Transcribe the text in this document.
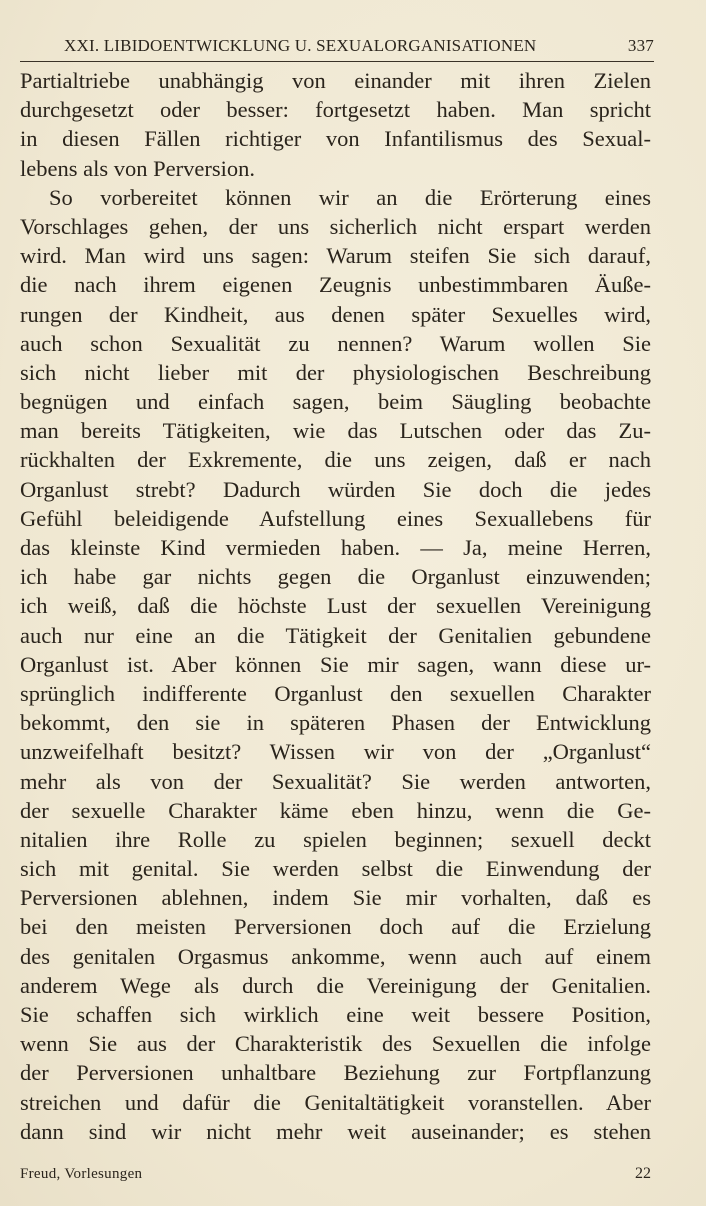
XXI. LIBIDOENTWICKLUNG U. SEXUALORGANISATIONEN	337
Partialtriebe unabhängig von einander mit ihren Zielen
durchgesetzt oder besser: fortgesetzt haben. Man spricht
in diesen Fällen richtiger von Infantilismus des Sexual-
lebens als von Perversion.
So vorbereitet können wir an die Erörterung eines
Vorschlages gehen, der uns sicherlich nicht erspart werden
wird. Man wird uns sagen: Warum steifen Sie sich darauf,
die nach ihrem eigenen Zeugnis unbestimmbaren Äuße-
rungen der Kindheit, aus denen später Sexuelles wird,
auch schon Sexualität zu nennen? Warum wollen Sie
sich nicht lieber mit der physiologischen Beschreibung
begnügen und einfach sagen, beim Säugling beobachte
man bereits Tätigkeiten, wie das Lutschen oder das Zu-
rückhalten der Exkremente, die uns zeigen, daß er nach
Organlust strebt? Dadurch würden Sie doch die jedes
Gefühl beleidigende Aufstellung eines Sexuallebens für
das kleinste Kind vermieden haben. — Ja, meine Herren,
ich habe gar nichts gegen die Organlust einzuwenden;
ich weiß, daß die höchste Lust der sexuellen Vereinigung
auch nur eine an die Tätigkeit der Genitalien gebundene
Organlust ist. Aber können Sie mir sagen, wann diese ur-
sprünglich indifferente Organlust den sexuellen Charakter
bekommt, den sie in späteren Phasen der Entwicklung
unzweifelhaft besitzt? Wissen wir von der „Organlust“
mehr als von der Sexualität? Sie werden antworten,
der sexuelle Charakter käme eben hinzu, wenn die Ge-
nitalien ihre Rolle zu spielen beginnen; sexuell deckt
sich mit genital. Sie werden selbst die Einwendung der
Perversionen ablehnen, indem Sie mir vorhalten, daß es
bei den meisten Perversionen doch auf die Erzielung
des genitalen Orgasmus ankomme, wenn auch auf einem
anderem Wege als durch die Vereinigung der Genitalien.
Sie schaffen sich wirklich eine weit bessere Position,
wenn Sie aus der Charakteristik des Sexuellen die infolge
der Perversionen unhaltbare Beziehung zur Fortpflanzung
streichen und dafür die Genitaltätigkeit voranstellen. Aber
dann sind wir nicht mehr weit auseinander; es stehen
Freud, Vorlesungen	22
